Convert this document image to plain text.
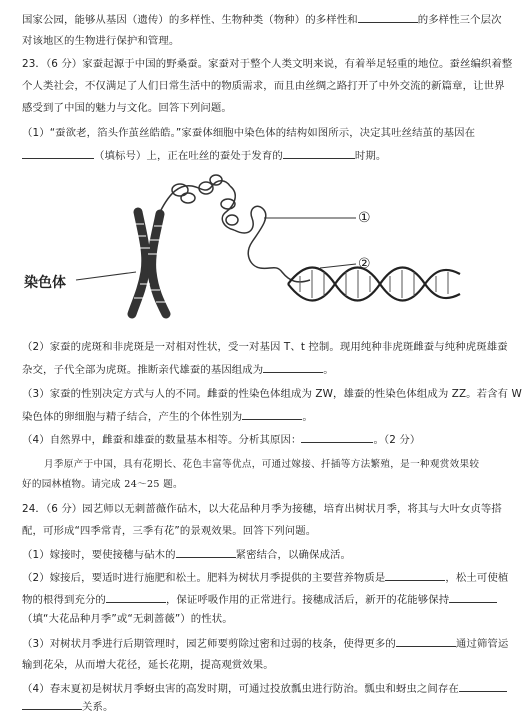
国家公园，能够从基因（遗传）的多样性、生物种类（物种）的多样性和	的多样性三个层次
对该地区的生物进行保护和管理。
23．（6 分）家蚕起源于中国的野桑蚕。家蚕对于整个人类文明来说，有着举足轻重的地位。蚕丝编织着整
个人类社会，不仅满足了人们日常生活中的物质需求，而且由丝绸之路打开了中外交流的新篇章，让世界
感受到了中国的魅力与文化。回答下列问题。
（1）“蚕欲老，箔头作茧丝皓皓。”家蚕体细胞中染色体的结构如图所示，决定其吐丝结茧的基因在
（填标号）上，正在吐丝的蚕处于发育的	时期。
①
②
染色体
（2）家蚕的虎斑和非虎斑是一对相对性状，受一对基因 T、t 控制。现用纯种非虎斑雌蚕与纯种虎斑雄蚕
杂交，子代全部为虎斑。推断亲代雄蚕的基因组成为	。
（3）家蚕的性别决定方式与人的不同。雌蚕的性染色体组成为 ZW，雄蚕的性染色体组成为 ZZ。若含有 W
染色体的卵细胞与精子结合，产生的个体性别为	。
（4）自然界中，雌蚕和雄蚕的数量基本相等。分析其原因：	。（2 分）
月季原产于中国，具有花期长、花色丰富等优点，可通过嫁接、扦插等方法繁殖，是一种观赏效果较
好的园林植物。请完成 24～25 题。
24．（6 分）园艺师以无刺蔷薇作砧木，以大花品种月季为接穗，培育出树状月季，将其与大叶女贞等搭
配，可形成“四季常青，三季有花”的景观效果。回答下列问题。
（1）嫁接时，要使接穗与砧木的	紧密结合，以确保成活。
（2）嫁接后，要适时进行施肥和松土。肥料为树状月季提供的主要营养物质是	，松土可使植
物的根得到充分的	，保证呼吸作用的正常进行。接穗成活后，新开的花能够保持
（填“大花品种月季”或“无刺蔷薇”）的性状。
（3）对树状月季进行后期管理时，园艺师要剪除过密和过弱的枝条，使得更多的	通过筛管运
输到花朵，从而增大花径，延长花期，提高观赏效果。
（4）春末夏初是树状月季蚜虫害的高发时期，可通过投放瓢虫进行防治。瓢虫和蚜虫之间存在
关系。
